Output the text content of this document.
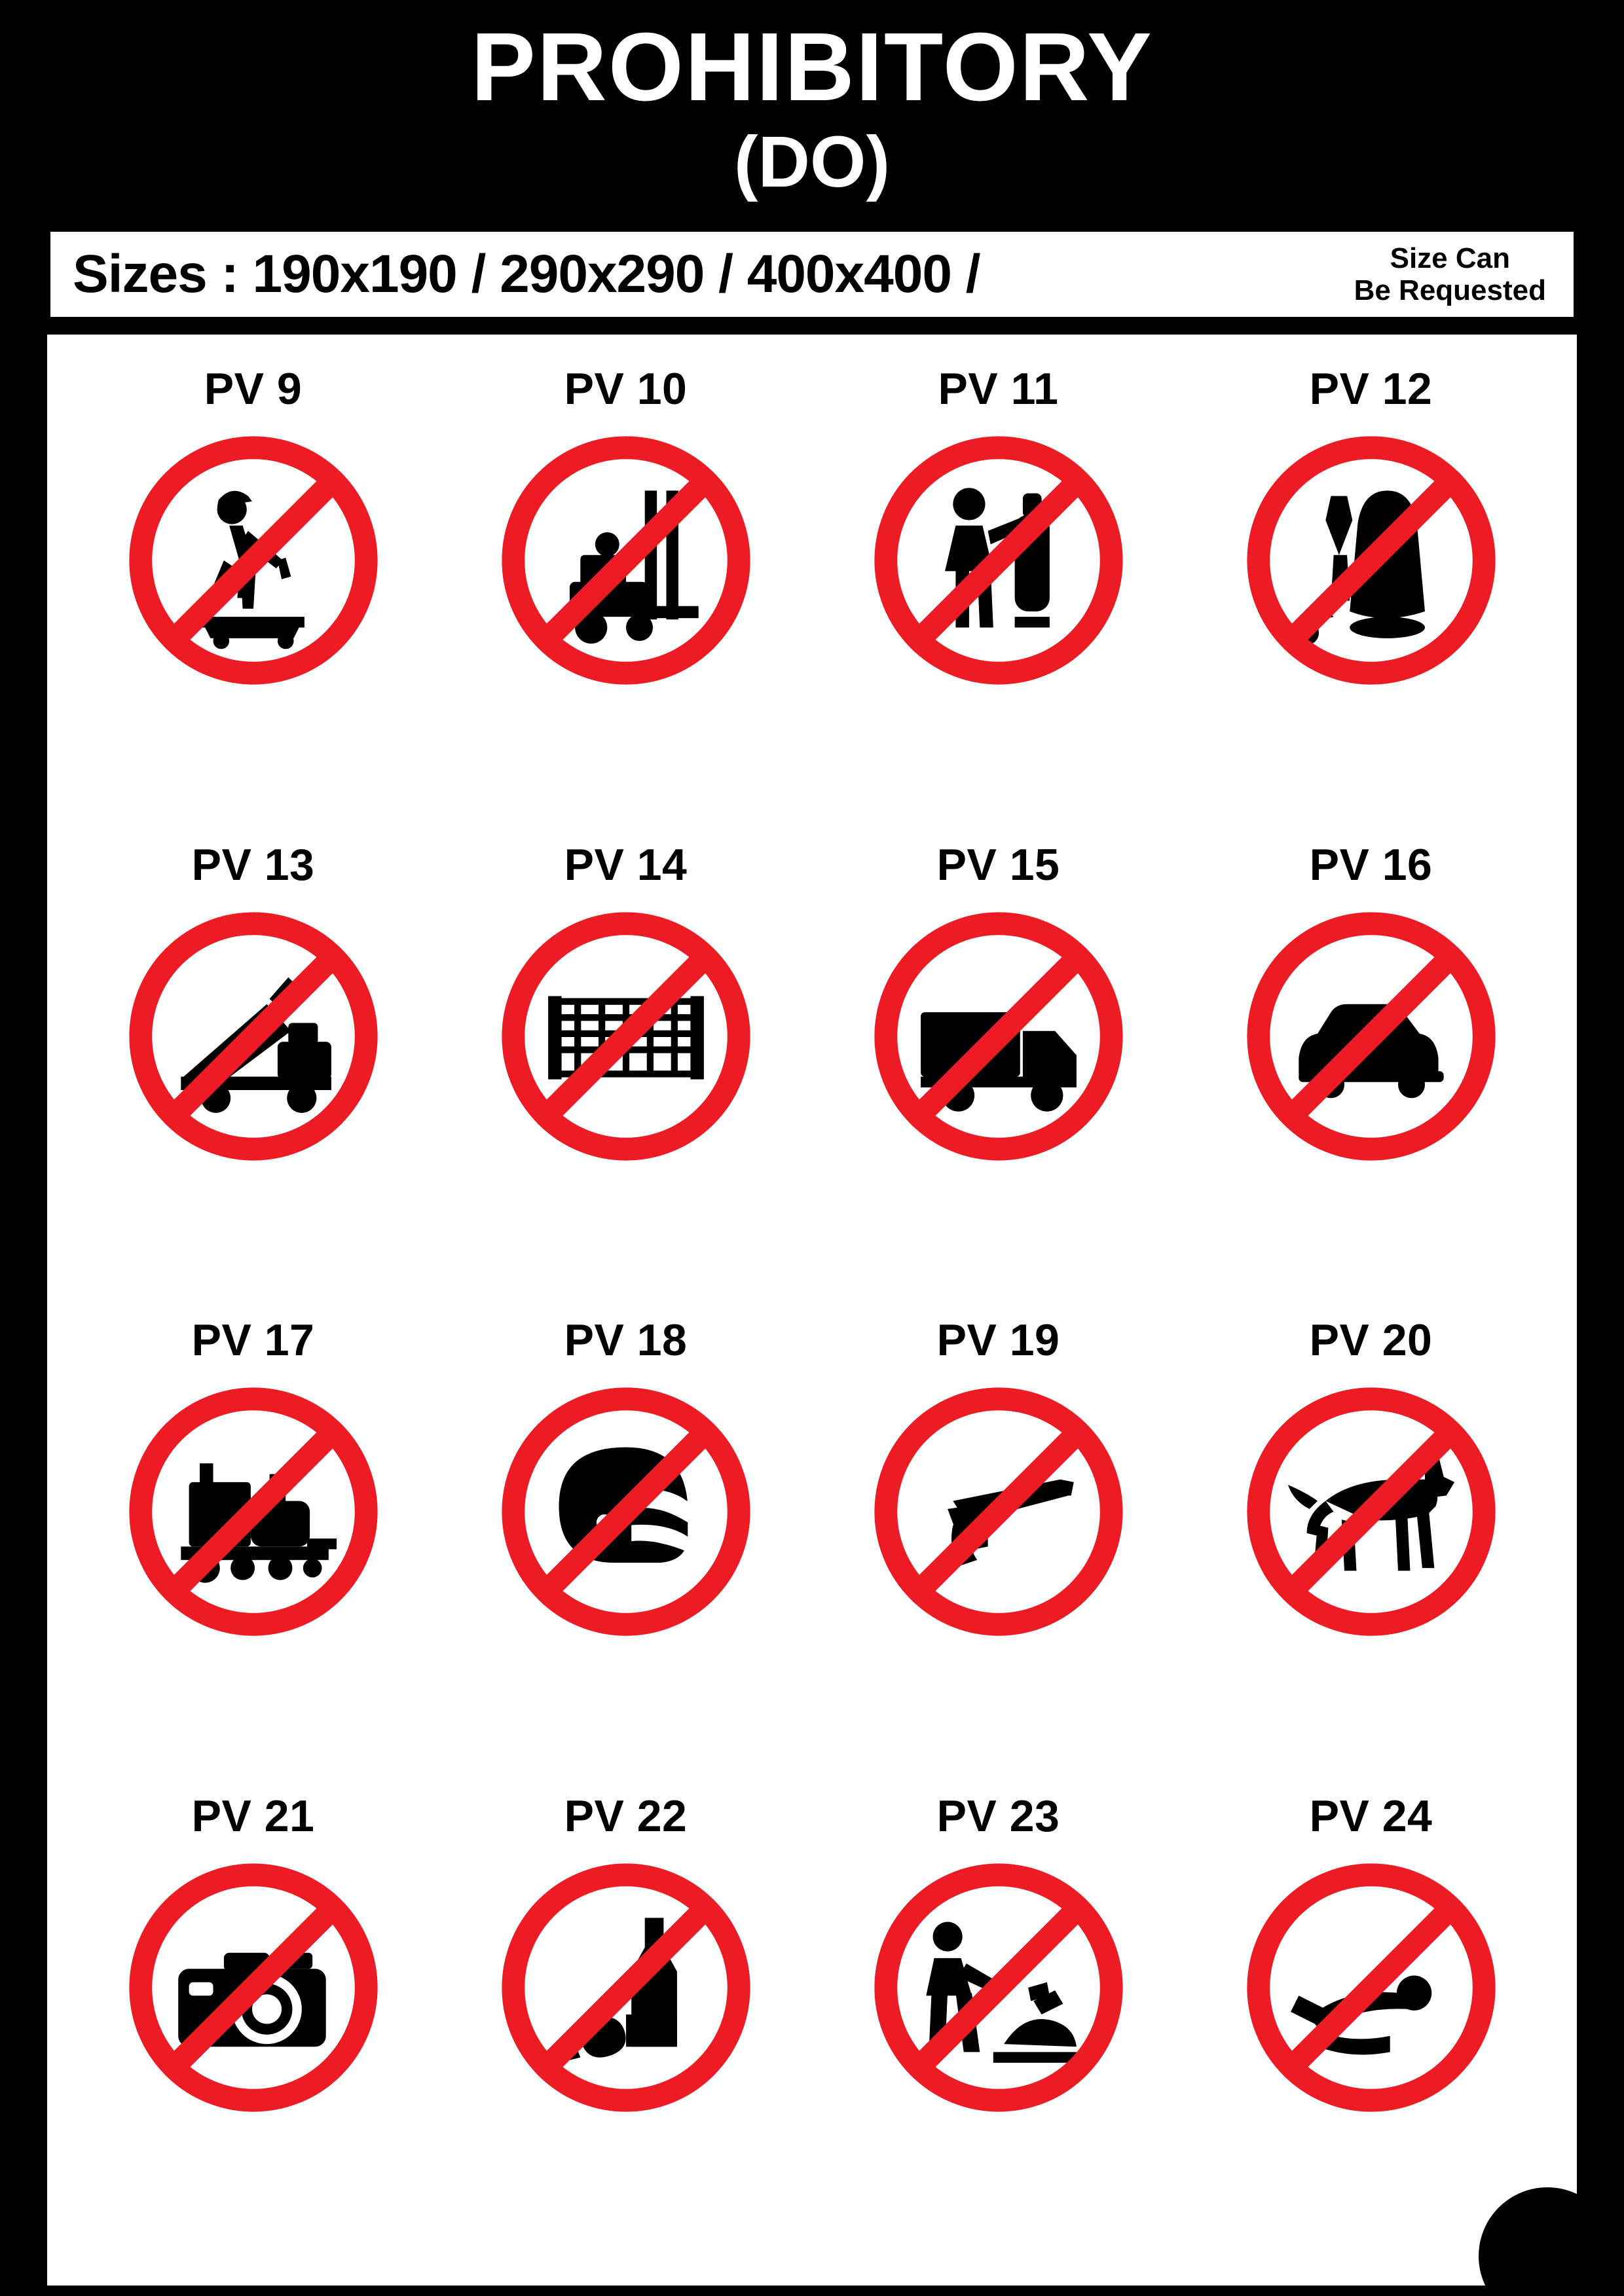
PROHIBITORY
(DO)
Sizes : 190x190 / 290x290 / 400x400 /	Size Can
Be Requested
PV 9	PV 10	PV 11	PV 12
PV 13	PV 14	PV 15	PV 16
PV 17	PV 18	PV 19	PV 20
PV 21	PV 22	PV 23	PV 24
